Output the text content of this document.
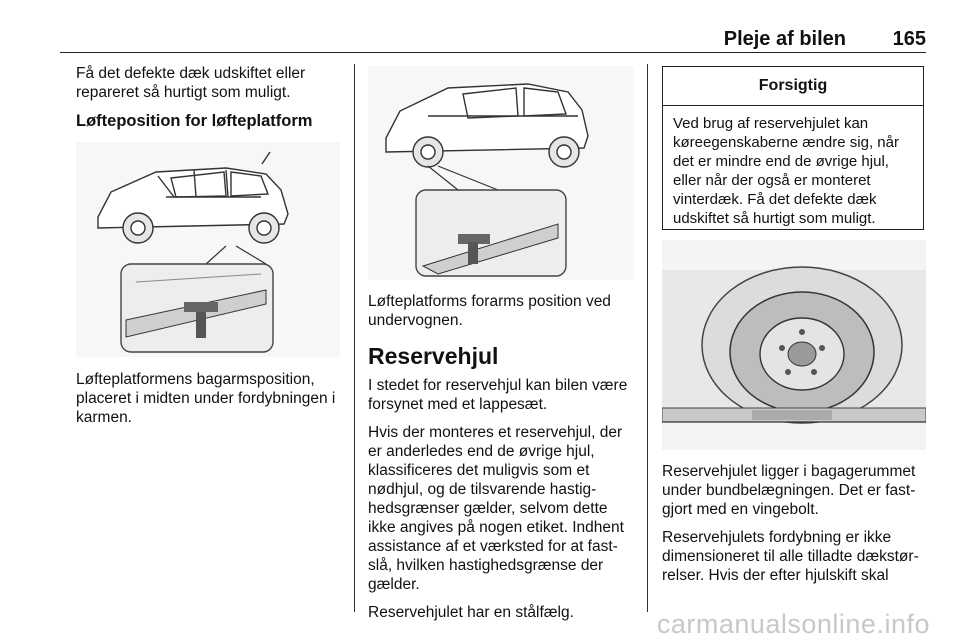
Pleje af bilen 165

Få det defekte dæk udskiftet eller repareret så hurtigt som muligt.

Løfteposition for løfteplatform

Løfteplatformens bagarmsposition, placeret i midten under fordybningen i karmen.

Løfteplatforms forarms position ved undervognen.

Reservehjul

I stedet for reservehjul kan bilen være forsynet med et lappesæt.

Hvis der monteres et reservehjul, der er anderledes end de øvrige hjul, klassificeres det muligvis som et nødhjul, og de tilsvarende hastighedsgrænser gælder, selvom dette ikke angives på nogen etiket. Indhent assistance af et værksted for at fastslå, hvilken hastighedsgrænse der gælder.

Reservehjulet har en stålfælg.

Forsigtig
Ved brug af reservehjulet kan køreegenskaberne ændre sig, når det er mindre end de øvrige hjul, eller når der også er monteret vinterdæk. Få det defekte dæk udskiftet så hurtigt som muligt.

Reservehjulet ligger i bagagerummet under bundbelægningen. Det er fastgjort med en vingebolt.

Reservehjulets fordybning er ikke dimensioneret til alle tilladte dækstørrelser. Hvis der efter hjulskift skal

carmanualsonline.info
